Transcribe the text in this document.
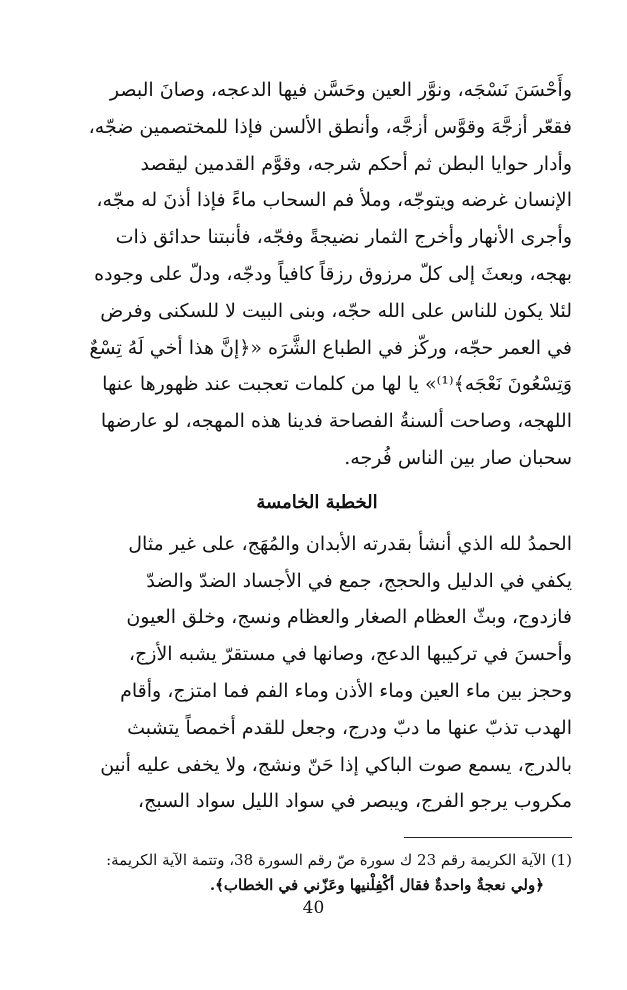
وأَحْسَنَ نَسْجَه، ونوَّر العين وحَسَّن فيها الدعجه، وصانَ البصر

فقعّر أزجَّهَ وقوَّس أزجَّه، وأنطق الألسن فإذا للمختصمين ضجّه،

وأدار حوايا البطن ثم أحكم شرجه، وقوَّم القدمين ليقصد

الإنسان غرضه ويتوجّه، وملأ فم السحاب ماءً فإذا أذنَ له مجّه،

وأجرى الأنهار وأخرج الثمار نضيجةً وفجّه، فأنبتنا حدائق ذات

بهجه، وبعثَ إلى كلّ مرزوق رزقاً كافياً ودجّه، ودلّ على وجوده

لئلا يكون للناس على الله حجّه، وبنى البيت لا للسكنى وفرض

في العمر حجّه، وركّز في الطباع الشَّرَه «﴿إنَّ هذا أخي لَهُ تِسْعٌ

وَتِسْعُونَ نَعْجَه﴾⁽¹⁾» يا لها من كلمات تعجبت عند ظهورها عنها

اللهجه، وصاحت ألسنةُ الفصاحة فدينا هذه المهجه، لو عارضها

سحبان صار بين الناس فُرجه.

الخطبة الخامسة

الحمدُ لله الذي أنشأ بقدرته الأبدان والمُهَج، على غير مثال

يكفي في الدليل والحجج، جمع في الأجساد الضدّ والضدّ

فازدوج، وبثّ العظام الصغار والعظام ونسج، وخلق العيون

وأحسنَ في تركيبها الدعج، وصانها في مستقرّ يشبه الأزج،

وحجز بين ماء العين وماء الأذن وماء الفم فما امتزج، وأقام

الهدب تذبّ عنها ما دبّ ودرج، وجعل للقدم أخمصاً يتشبث

بالدرج، يسمع صوت الباكي إذا حَنّ ونشج، ولا يخفى عليه أنين

مكروب يرجو الفرج، ويبصر في سواد الليل سواد السبج،

(1) الآية الكريمة رقم 23 ك سورة صّ رقم السورة 38، وتتمة الآية الكريمة:

﴿ولي نعجةٌ واحدةٌ فقال أكْفِلْنيها وعَزّني في الخطاب﴾.

40
